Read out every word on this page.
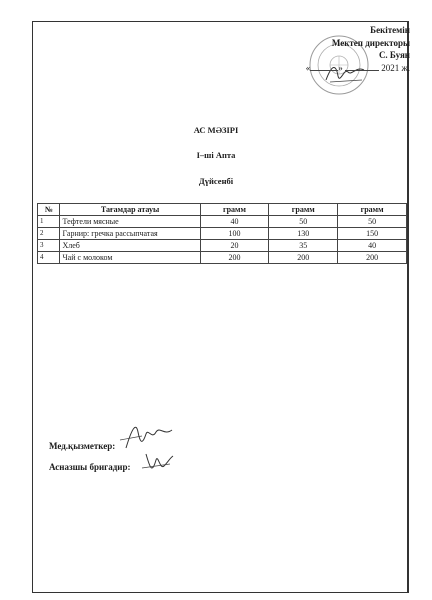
Бекітемін
Мектеп директоры
С. Буян
«	»	2021 ж.
АС МӘЗІРІ
І–ші Апта
Дүйсенбі
№	Тағамдар атауы	грамм	грамм	грамм
1	Тефтели мясные	40	50	50
2	Гарнир: гречка рассыпчатая	100	130	150
3	Хлеб	20	35	40
4	Чай с молоком	200	200	200
Мед.қызметкер:
Асназшы бригадир:
